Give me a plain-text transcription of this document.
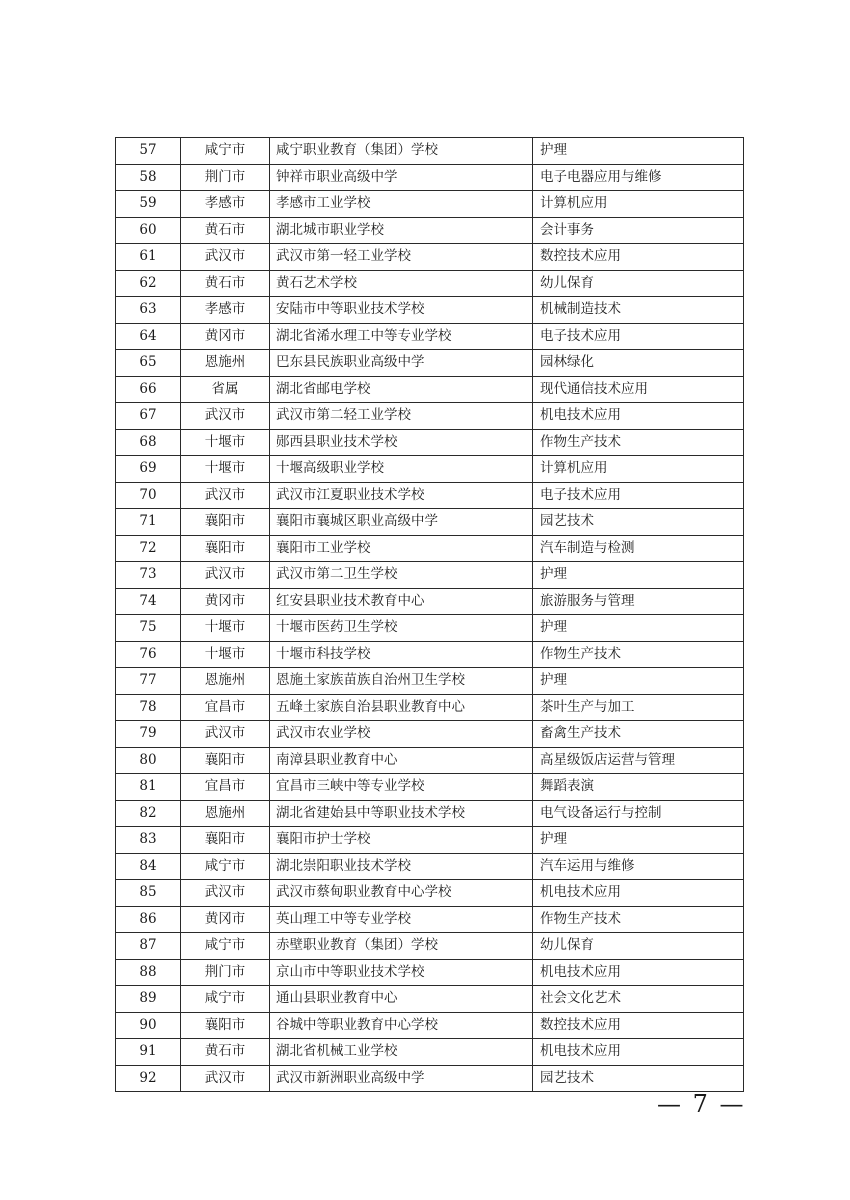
57	咸宁市	咸宁职业教育（集团）学校	护理
58	荆门市	钟祥市职业高级中学	电子电器应用与维修
59	孝感市	孝感市工业学校	计算机应用
60	黄石市	湖北城市职业学校	会计事务
61	武汉市	武汉市第一轻工业学校	数控技术应用
62	黄石市	黄石艺术学校	幼儿保育
63	孝感市	安陆市中等职业技术学校	机械制造技术
64	黄冈市	湖北省浠水理工中等专业学校	电子技术应用
65	恩施州	巴东县民族职业高级中学	园林绿化
66	省属	湖北省邮电学校	现代通信技术应用
67	武汉市	武汉市第二轻工业学校	机电技术应用
68	十堰市	郧西县职业技术学校	作物生产技术
69	十堰市	十堰高级职业学校	计算机应用
70	武汉市	武汉市江夏职业技术学校	电子技术应用
71	襄阳市	襄阳市襄城区职业高级中学	园艺技术
72	襄阳市	襄阳市工业学校	汽车制造与检测
73	武汉市	武汉市第二卫生学校	护理
74	黄冈市	红安县职业技术教育中心	旅游服务与管理
75	十堰市	十堰市医药卫生学校	护理
76	十堰市	十堰市科技学校	作物生产技术
77	恩施州	恩施土家族苗族自治州卫生学校	护理
78	宜昌市	五峰土家族自治县职业教育中心	茶叶生产与加工
79	武汉市	武汉市农业学校	畜禽生产技术
80	襄阳市	南漳县职业教育中心	高星级饭店运营与管理
81	宜昌市	宜昌市三峡中等专业学校	舞蹈表演
82	恩施州	湖北省建始县中等职业技术学校	电气设备运行与控制
83	襄阳市	襄阳市护士学校	护理
84	咸宁市	湖北崇阳职业技术学校	汽车运用与维修
85	武汉市	武汉市蔡甸职业教育中心学校	机电技术应用
86	黄冈市	英山理工中等专业学校	作物生产技术
87	咸宁市	赤壁职业教育（集团）学校	幼儿保育
88	荆门市	京山市中等职业技术学校	机电技术应用
89	咸宁市	通山县职业教育中心	社会文化艺术
90	襄阳市	谷城中等职业教育中心学校	数控技术应用
91	黄石市	湖北省机械工业学校	机电技术应用
92	武汉市	武汉市新洲职业高级中学	园艺技术
— 7 —
